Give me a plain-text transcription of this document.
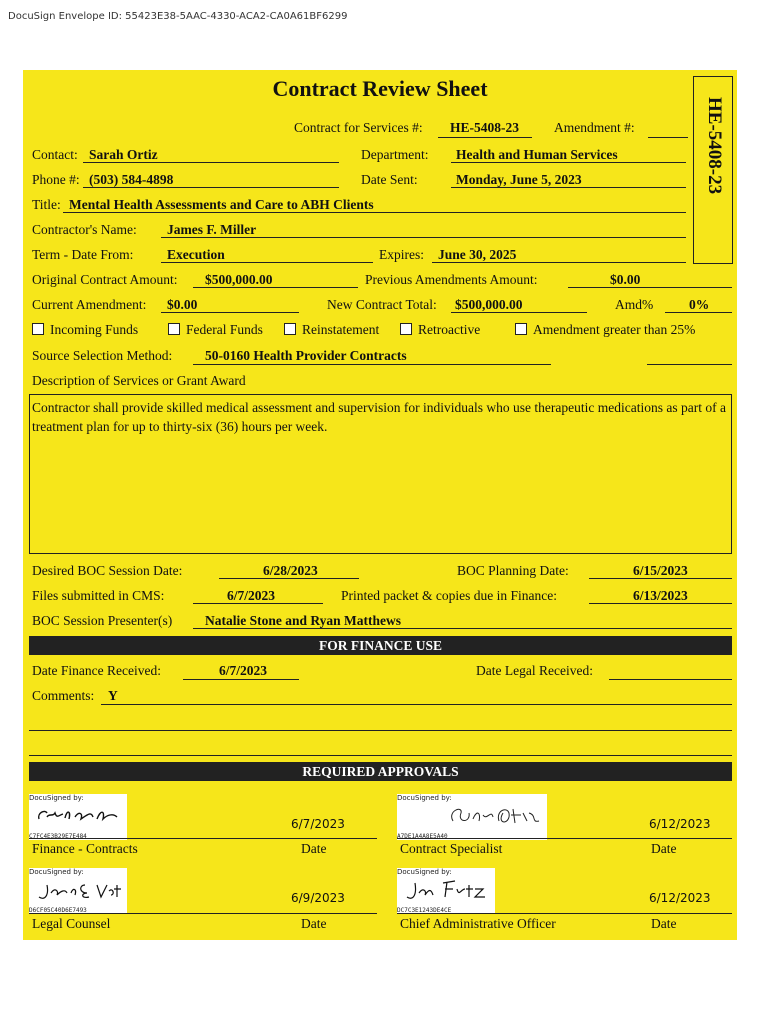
DocuSign Envelope ID: 55423E38-5AAC-4330-ACA2-CA0A61BF6299
Contract Review Sheet
HE-5408-23
Contract for Services #: HE-5408-23	Amendment #:
Contact: Sarah Ortiz	Department: Health and Human Services
Phone #: (503) 584-4898	Date Sent:	Monday, June 5, 2023
Title: Mental Health Assessments and Care to ABH Clients
Contractor's Name: James F. Miller
Term - Date From: Execution	Expires: June 30, 2025
Original Contract Amount: $500,000.00	Previous Amendments Amount:	$0.00
Current Amendment: $0.00	New Contract Total: $500,000.00	Amd%	0%
Incoming Funds	Federal Funds	Reinstatement	Retroactive	Amendment greater than 25%
Source Selection Method: 50-0160 Health Provider Contracts
Description of Services or Grant Award
Contractor shall provide skilled medical assessment and supervision for individuals who use therapeutic medications as part of a treatment plan for up to thirty-six (36) hours per week.
Desired BOC Session Date:	6/28/2023	BOC Planning Date:	6/15/2023
Files submitted in CMS:	6/7/2023	Printed packet & copies due in Finance:	6/13/2023
BOC Session Presenter(s) Natalie Stone and Ryan Matthews
FOR FINANCE USE
Date Finance Received:	6/7/2023	Date Legal Received:
Comments: Y
REQUIRED APPROVALS
DocuSigned by:
C7FC4E3B29E7E484
6/7/2023
Finance - Contracts	Date
DocuSigned by:
A7DE1A4A8E5A40
6/12/2023
Contract Specialist	Date
DocuSigned by:
D6CF05C40D6E7493
6/9/2023
Legal Counsel	Date
DocuSigned by:
DC7C3E1243DE4CE
6/12/2023
Chief Administrative Officer	Date
